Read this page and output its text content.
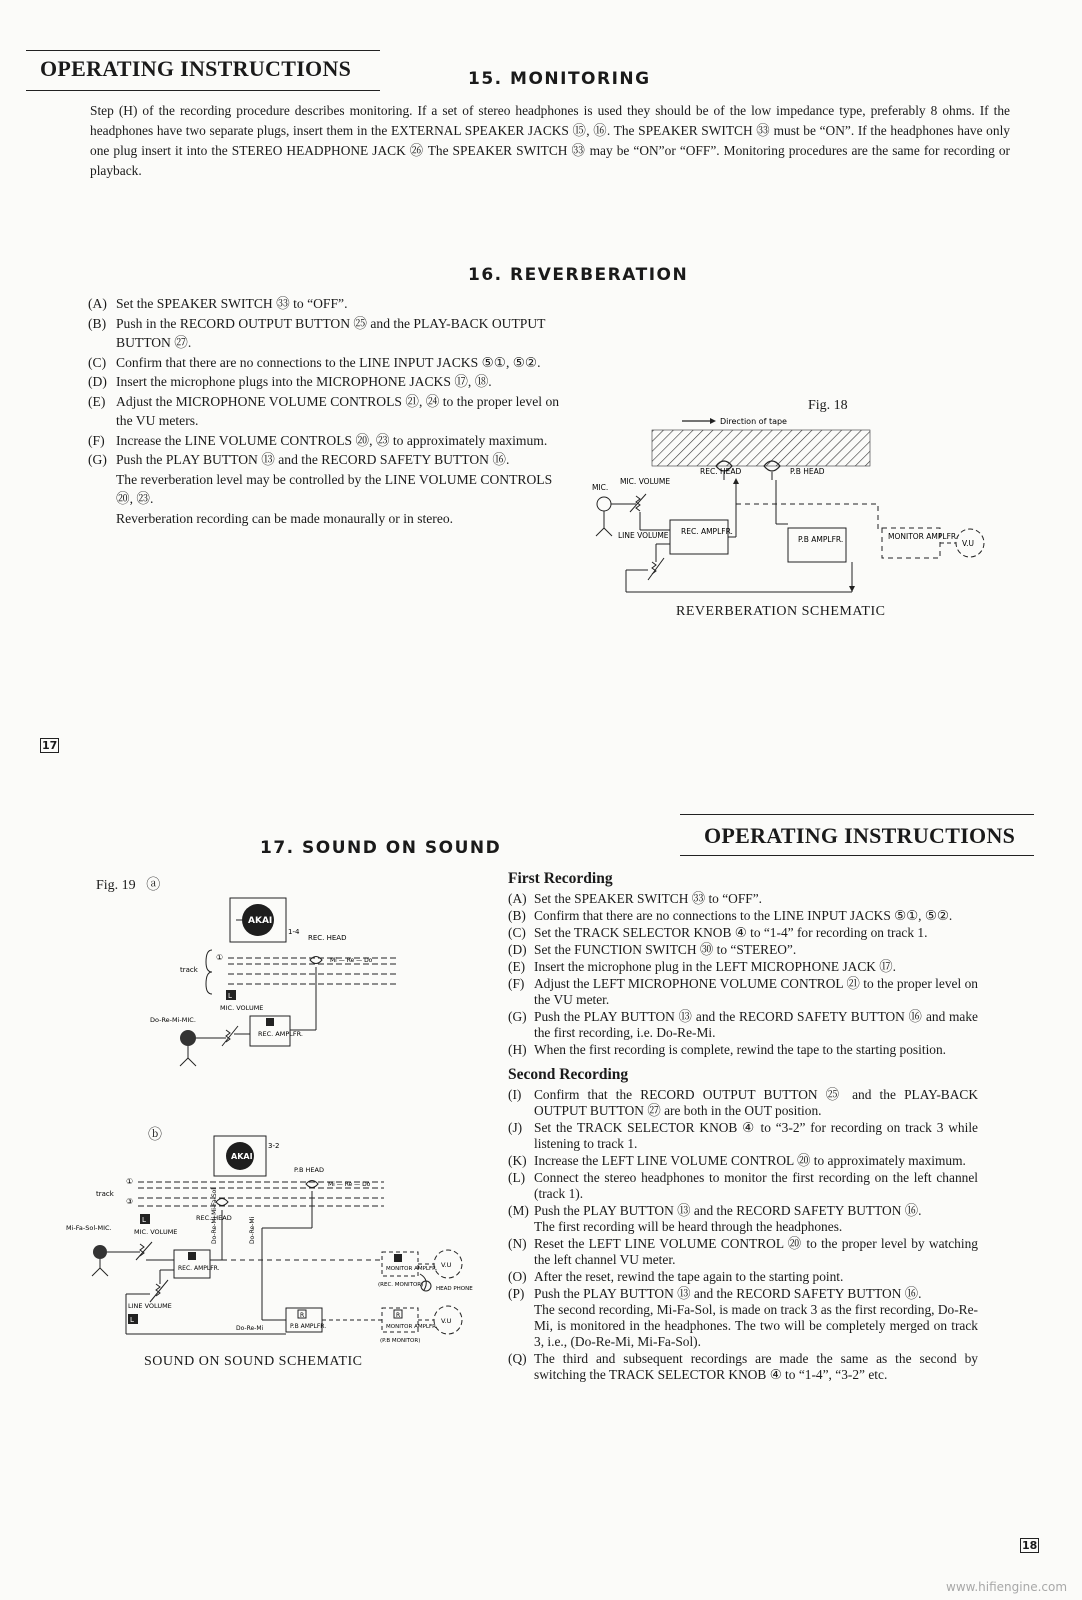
OPERATING INSTRUCTIONS	15. MONITORING

Step (H) of the recording procedure describes monitoring. If a set of stereo headphones is used they should be of the low impedance type, preferably 8 ohms. If the headphones have two separate plugs, insert them in the EXTERNAL SPEAKER JACKS ⑮, ⑯. The SPEAKER SWITCH ㉝ must be “ON”. If the headphones have only one plug insert it into the STEREO HEADPHONE JACK ㉖ The SPEAKER SWITCH ㉝ may be “ON”or “OFF”. Monitoring procedures are the same for recording or playback.

16. REVERBERATION
(A) Set the SPEAKER SWITCH ㉝ to “OFF”.
(B) Push in the RECORD OUTPUT BUTTON ㉕ and the PLAY-BACK OUTPUT BUTTON ㉗.
(C) Confirm that there are no connections to the LINE INPUT JACKS ⑤①, ⑤②.
(D) Insert the microphone plugs into the MICROPHONE JACKS ⑰, ⑱.
(E) Adjust the MICROPHONE VOLUME CONTROLS ㉑, ㉔ to the proper level on the VU meters.
(F) Increase the LINE VOLUME CONTROLS ⑳, ㉓ to approximately maximum.
(G) Push the PLAY BUTTON ⑬ and the RECORD SAFETY BUTTON ⑯.
The reverberation level may be controlled by the LINE VOLUME CONTROLS ⑳, ㉓.
Reverberation recording can be made monaurally or in stereo.
Fig. 18
Direction of tape
REC. HEAD	P.B HEAD
MIC.
MIC. VOLUME
REC. AMPLFR.
LINE VOLUME	P.B AMPLFR.	MONITOR AMPLFR.
V.U
REVERBERATION SCHEMATIC
17
OPERATING INSTRUCTIONS
17. SOUND ON SOUND
Fig. 19 ⓐ
AKAI
1-4
REC. HEAD
①	Mi — Re — Do
track
L
MIC. VOLUME
Do-Re-Mi-MIC.
REC. AMPLFR.
ⓑ
AKAI
3-2
P.B HEAD
①	Mi — Re — Do
track
③
REC. HEAD
L
MIC. VOLUME
Mi-Fa-Sol-MIC.
REC. AMPLFR.
Do-Re-Mi Mi-Fa-Sol	Do-Re-Mi
LINE VOLUME
L
Do-Re-Mi
R
P.B AMPLFR.
MONITOR AMPLFR.
(REC. MONITOR)
V.U
HEAD PHONE
R
MONITOR AMPLFR.
(P.B MONITOR)
V.U
SOUND ON SOUND SCHEMATIC
First Recording
(A) Set the SPEAKER SWITCH ㉝ to “OFF”.
(B) Confirm that there are no connections to the LINE INPUT JACKS ⑤①, ⑤②.
(C) Set the TRACK SELECTOR KNOB ④ to “1-4” for recording on track 1.
(D) Set the FUNCTION SWITCH ㉚ to “STEREO”.
(E) Insert the microphone plug in the LEFT MICROPHONE JACK ⑰.
(F) Adjust the LEFT MICROPHONE VOLUME CONTROL ㉑ to the proper level on the VU meter.
(G) Push the PLAY BUTTON ⑬ and the RECORD SAFETY BUTTON ⑯ and make the first recording, i.e. Do-Re-Mi.
(H) When the first recording is complete, rewind the tape to the starting position.
Second Recording
(I) Confirm that the RECORD OUTPUT BUTTON ㉕ and the PLAY-BACK OUTPUT BUTTON ㉗ are both in the OUT position.
(J) Set the TRACK SELECTOR KNOB ④ to “3-2” for recording on track 3 while listening to track 1.
(K) Increase the LEFT LINE VOLUME CONTROL ⑳ to approximately maximum.
(L) Connect the stereo headphones to monitor the first recording on the left channel (track 1).
(M) Push the PLAY BUTTON ⑬ and the RECORD SAFETY BUTTON ⑯.
The first recording will be heard through the headphones.
(N) Reset the LEFT LINE VOLUME CONTROL ⑳ to the proper level by watching the left channel VU meter.
(O) After the reset, rewind the tape again to the starting point.
(P) Push the PLAY BUTTON ⑬ and the RECORD SAFETY BUTTON ⑯.
The second recording, Mi-Fa-Sol, is made on track 3 as the first recording, Do-Re-Mi, is monitored in the headphones. The two will be completely merged on track 3, i.e., (Do-Re-Mi, Mi-Fa-Sol).
(Q) The third and subsequent recordings are made the same as the second by switching the TRACK SELECTOR KNOB ④ to “1-4”, “3-2” etc.
18
www.hifiengine.com
